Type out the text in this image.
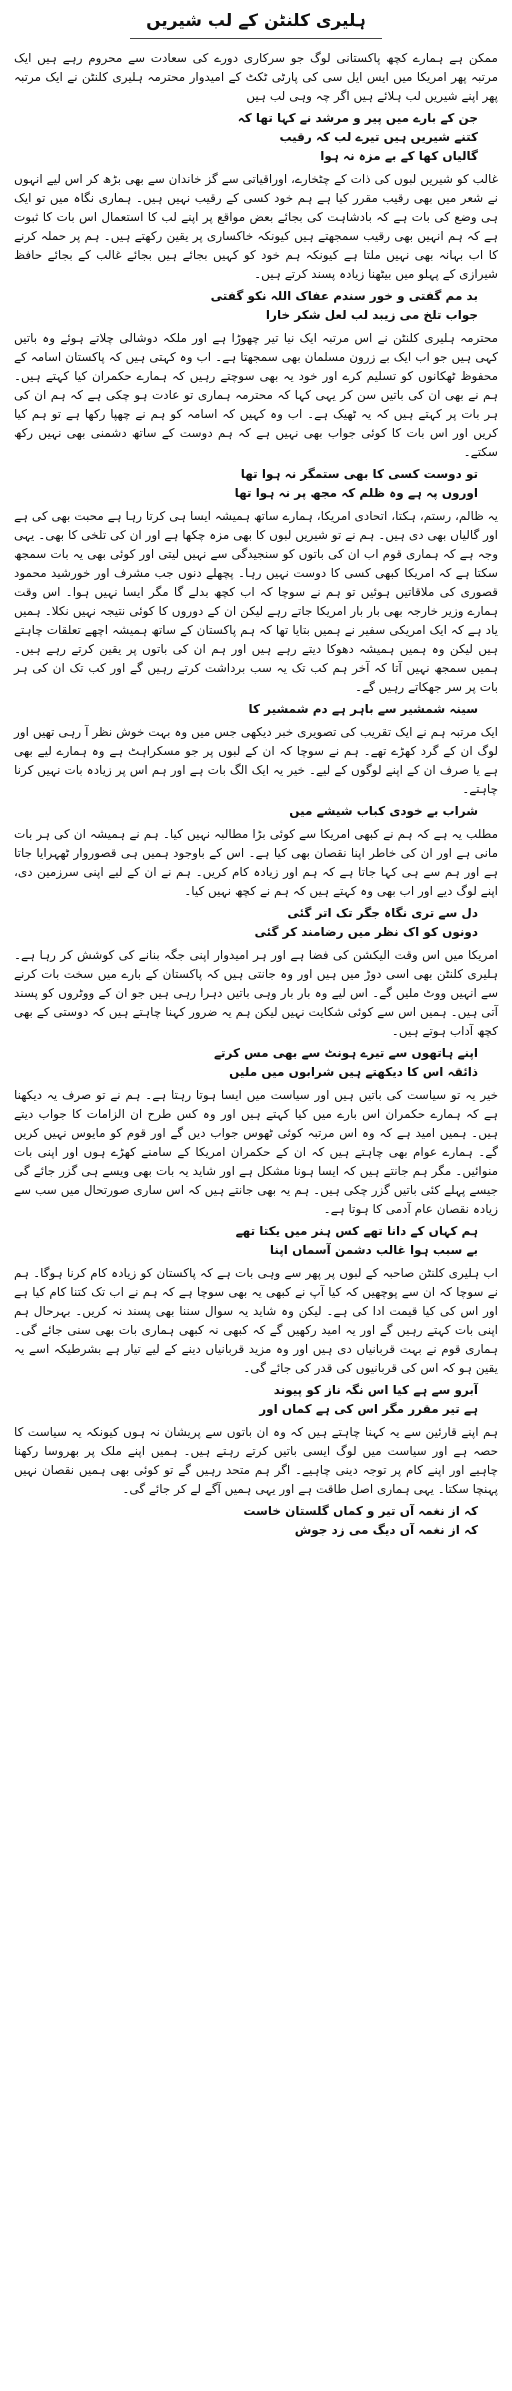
ہلیری کلنٹن کے لب شیریں

ممکن ہے ہمارے کچھ پاکستانی لوگ جو سرکاری دورے کی سعادت سے محروم رہے ہیں ایک مرتبہ پھر امریکا میں ایس ایل سی کی پارٹی ٹکٹ کے امیدوار محترمہ ہلیری کلنٹن نے ایک مرتبہ پھر اپنے شیریں لب ہلائے ہیں اگر چہ وہی لب ہیں

جن کے بارے میں پیر و مرشد نے کہا تھا کہ
کتنے شیریں ہیں تیرے لب کہ رقیب
گالیاں کھا کے بے مزہ نہ ہوا

غالب کو شیریں لبوں کی ذات کے چٹخارے، اوراقیاتی سے گز خاندان سے بھی بڑھ کر اس لیے انہوں نے شعر میں بھی رقیب مقرر کیا ہے ہم خود کسی کے رقیب نہیں ہیں۔ ہماری نگاہ میں تو ایک ہی وضع کی بات ہے کہ بادشاہت کی بجائے بعض مواقع پر اپنے لب کا استعمال اس بات کا ثبوت ہے کہ ہم انہیں بھی رقیب سمجھتے ہیں کیونکہ خاکساری پر یقین رکھتے ہیں۔ ہم پر حملہ کرنے کا اب بہانہ بھی نہیں ملتا ہے کیونکہ ہم خود کو کہیں بجائے ہیں بجائے غالب کے بجائے حافظ شیرازی کے پہلو میں بیٹھنا زیادہ پسند کرتے ہیں۔

بد مم گفتی و خور سندم عفاک اللہ نکو گفتی
جواب تلخ می زیبد لب لعل شکر خارا

محترمہ ہلیری کلنٹن نے اس مرتبہ ایک نیا تیر چھوڑا ہے اور ملکہ دوشالی چلاتے ہوئے وہ باتیں کہی ہیں جو اب ایک بے زرون مسلمان بھی سمجھتا ہے۔ اب وہ کہتی ہیں کہ پاکستان اسامہ کے محفوظ ٹھکانوں کو تسلیم کرے اور خود یہ بھی سوچتے رہیں کہ ہمارے حکمران کیا کہتے ہیں۔ ہم نے بھی ان کی باتیں سن کر یہی کہا کہ محترمہ ہماری تو عادت ہو چکی ہے کہ ہم ان کی ہر بات پر کہتے ہیں کہ یہ ٹھیک ہے۔ اب وہ کہیں کہ اسامہ کو ہم نے چھپا رکھا ہے تو ہم کیا کریں اور اس بات کا کوئی جواب بھی نہیں ہے کہ ہم دوست کے ساتھ دشمنی بھی نہیں رکھ سکتے۔

تو دوست کسی کا بھی ستمگر نہ ہوا تھا
اوروں پہ ہے وہ ظلم کہ مجھ پر نہ ہوا تھا

یہ ظالم، رستم، ہکتا، اتحادی امریکا، ہمارے ساتھ ہمیشہ ایسا ہی کرتا رہا ہے محبت بھی کی ہے اور گالیاں بھی دی ہیں۔ ہم نے تو شیریں لبوں کا بھی مزہ چکھا ہے اور ان کی تلخی کا بھی۔ یہی وجہ ہے کہ ہماری قوم اب ان کی باتوں کو سنجیدگی سے نہیں لیتی اور کوئی بھی یہ بات سمجھ سکتا ہے کہ امریکا کبھی کسی کا دوست نہیں رہا۔ پچھلے دنوں جب مشرف اور خورشید محمود قصوری کی ملاقاتیں ہوئیں تو ہم نے سوچا کہ اب کچھ بدلے گا مگر ایسا نہیں ہوا۔ اس وقت ہمارے وزیر خارجہ بھی بار بار امریکا جاتے رہے لیکن ان کے دوروں کا کوئی نتیجہ نہیں نکلا۔ ہمیں یاد ہے کہ ایک امریکی سفیر نے ہمیں بتایا تھا کہ ہم پاکستان کے ساتھ ہمیشہ اچھے تعلقات چاہتے ہیں لیکن وہ ہمیں ہمیشہ دھوکا دیتے رہے ہیں اور ہم ان کی باتوں پر یقین کرتے رہے ہیں۔ ہمیں سمجھ نہیں آتا کہ آخر ہم کب تک یہ سب برداشت کرتے رہیں گے اور کب تک ان کی ہر بات پر سر جھکاتے رہیں گے۔

سینہ شمشیر سے باہر ہے دم شمشیر کا

ایک مرتبہ ہم نے ایک تقریب کی تصویری خبر دیکھی جس میں وہ بہت خوش نظر آ رہی تھیں اور لوگ ان کے گرد کھڑے تھے۔ ہم نے سوچا کہ ان کے لبوں پر جو مسکراہٹ ہے وہ ہمارے لیے بھی ہے یا صرف ان کے اپنے لوگوں کے لیے۔ خیر یہ ایک الگ بات ہے اور ہم اس پر زیادہ بات نہیں کرنا چاہتے۔

شراب بے خودی کباب شیشے میں

مطلب یہ ہے کہ ہم نے کبھی امریکا سے کوئی بڑا مطالبہ نہیں کیا۔ ہم نے ہمیشہ ان کی ہر بات مانی ہے اور ان کی خاطر اپنا نقصان بھی کیا ہے۔ اس کے باوجود ہمیں ہی قصوروار ٹھہرایا جاتا ہے اور ہم سے ہی کہا جاتا ہے کہ ہم اور زیادہ کام کریں۔ ہم نے ان کے لیے اپنی سرزمین دی، اپنے لوگ دیے اور اب بھی وہ کہتے ہیں کہ ہم نے کچھ نہیں کیا۔

دل سے تری نگاہ جگر تک اتر گئی
دونوں کو اک نظر میں رضامند کر گئی

امریکا میں اس وقت الیکشن کی فضا ہے اور ہر امیدوار اپنی جگہ بنانے کی کوشش کر رہا ہے۔ ہلیری کلنٹن بھی اسی دوڑ میں ہیں اور وہ جانتی ہیں کہ پاکستان کے بارے میں سخت بات کرنے سے انہیں ووٹ ملیں گے۔ اس لیے وہ بار بار وہی باتیں دہرا رہی ہیں جو ان کے ووٹروں کو پسند آتی ہیں۔ ہمیں اس سے کوئی شکایت نہیں لیکن ہم یہ ضرور کہنا چاہتے ہیں کہ دوستی کے بھی کچھ آداب ہوتے ہیں۔

اپنے ہاتھوں سے تیرے ہونٹ سے بھی مس کرتے
ذائقہ اس کا دیکھتے ہیں شرابوں میں ملیں

خیر یہ تو سیاست کی باتیں ہیں اور سیاست میں ایسا ہوتا رہتا ہے۔ ہم نے تو صرف یہ دیکھنا ہے کہ ہمارے حکمران اس بارے میں کیا کہتے ہیں اور وہ کس طرح ان الزامات کا جواب دیتے ہیں۔ ہمیں امید ہے کہ وہ اس مرتبہ کوئی ٹھوس جواب دیں گے اور قوم کو مایوس نہیں کریں گے۔ ہمارے عوام بھی چاہتے ہیں کہ ان کے حکمران امریکا کے سامنے کھڑے ہوں اور اپنی بات منوائیں۔ مگر ہم جانتے ہیں کہ ایسا ہونا مشکل ہے اور شاید یہ بات بھی ویسے ہی گزر جائے گی جیسے پہلے کئی باتیں گزر چکی ہیں۔ ہم یہ بھی جانتے ہیں کہ اس ساری صورتحال میں سب سے زیادہ نقصان عام آدمی کا ہوتا ہے۔

ہم کہاں کے دانا تھے کس ہنر میں یکتا تھے
بے سبب ہوا غالب دشمن آسماں اپنا

اب ہلیری کلنٹن صاحبہ کے لبوں پر پھر سے وہی بات ہے کہ پاکستان کو زیادہ کام کرنا ہوگا۔ ہم نے سوچا کہ ان سے پوچھیں کہ کیا آپ نے کبھی یہ بھی سوچا ہے کہ ہم نے اب تک کتنا کام کیا ہے اور اس کی کیا قیمت ادا کی ہے۔ لیکن وہ شاید یہ سوال سننا بھی پسند نہ کریں۔ بہرحال ہم اپنی بات کہتے رہیں گے اور یہ امید رکھیں گے کہ کبھی نہ کبھی ہماری بات بھی سنی جائے گی۔ ہماری قوم نے بہت قربانیاں دی ہیں اور وہ مزید قربانیاں دینے کے لیے تیار ہے بشرطیکہ اسے یہ یقین ہو کہ اس کی قربانیوں کی قدر کی جائے گی۔

آبرو سے ہے کیا اس نگہ ناز کو پیوند
ہے تیر مقرر مگر اس کی ہے کماں اور

ہم اپنے قارئین سے یہ کہنا چاہتے ہیں کہ وہ ان باتوں سے پریشان نہ ہوں کیونکہ یہ سیاست کا حصہ ہے اور سیاست میں لوگ ایسی باتیں کرتے رہتے ہیں۔ ہمیں اپنے ملک پر بھروسا رکھنا چاہیے اور اپنے کام پر توجہ دینی چاہیے۔ اگر ہم متحد رہیں گے تو کوئی بھی ہمیں نقصان نہیں پہنچا سکتا۔ یہی ہماری اصل طاقت ہے اور یہی ہمیں آگے لے کر جائے گی۔

کہ از نغمہ آں تیر و کماں گلستان خاست
کہ از نغمہ آں دیگ می زد جوش
